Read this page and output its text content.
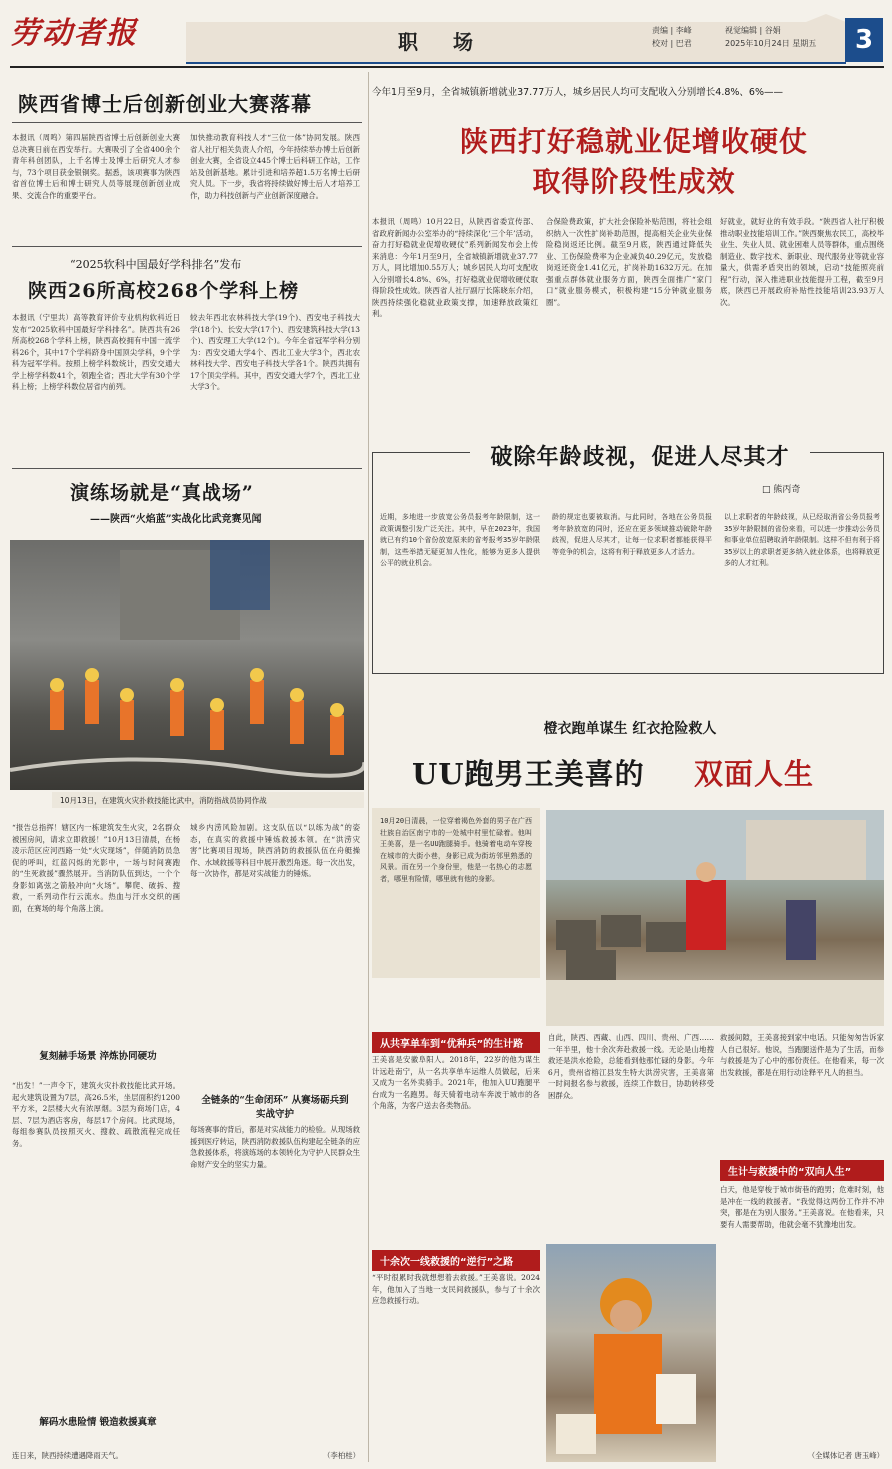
劳动者报	职 场	责编 | 李峰
校对 | 巴君
视觉编辑 | 谷娟
2025年10月24日 星期五	3
陕西省博士后创新创业大赛落幕
本报讯（周鸣）第四届陕西省博士后创新创业大赛总决赛日前在西安举行。大赛吸引了全省400余个青年科创团队，上千名博士及博士后研究人才参与，73个项目获金银铜奖。据悉，该项赛事为陕西省首位博士后和博士研究人员等展现创新创业成果、交流合作的重要平台。
加快推动教育科技人才“三位一体”协同发展。陕西省人社厅相关负责人介绍，今年持续举办博士后创新创业大赛，全省设立445个博士后科研工作站，工作站及创新基地。累计引进和培养超1.5万名博士后研究人员。下一步，我省将持续做好博士后人才培养工作，助力科技创新与产业创新深度融合。
“2025软科中国最好学科排名”发布
陕西26所高校268个学科上榜
本报讯（宁里共）高等教育评价专业机构软科近日发布“2025软科中国最好学科排名”。陕西共有26所高校268个学科上榜，陕西高校拥有中国一流学科26个，其中17个学科跻身中国顶尖学科，9个学科为冠军学科。按照上榜学科数统计，西安交通大学上榜学科数41个，领跑全省；西北大学有30个学科上榜；上榜学科数位居省内前列。
较去年西北农林科技大学(19个)、西安电子科技大学(18个)、长安大学(17个)、西安建筑科技大学(13个)、西安理工大学(12个)。今年全省冠军学科分别为：西安交通大学4个、西北工业大学3个，西北农林科技大学、西安电子科技大学各1个。陕西共拥有17个顶尖学科。其中，西安交通大学7个，西北工业大学3个。
演练场就是“真战场”
——陕西“火焰蓝”实战化比武竞赛见闻
10月13日，在建筑火灾扑救技能比武中，消防指战员协同作战
“报告总指挥！辖区内一栋建筑发生火灾，2名群众被困房间，请求立即救援！”10月13日清晨，在杨凌示范区应河西路一处“火灾现场”，伴随消防员急促的呼叫，红蓝闪烁的光影中，一场与时间赛跑的“生死救援”骤然展开。当消防队伍到达，一个个身影如离弦之箭般冲向“火场”。攀爬、破拆、搜救，一系列动作行云流水。热血与汗水交织的画面，在赛场的每个角落上演。
复刻赫手场景 淬炼协同硬功
“出发！”一声令下，建筑火灾扑救技能比武开场。起火建筑设置为7层，高26.5米，坐层面积约1200平方米，2层楼大火有浓厚烟。3层为商场门店，4层、7层为酒店客房，每层17个房间。比武现场，每组参赛队员按照灭火、搜救、疏散流程完成任务。
解码水患险情 锻造救援真章
连日来，陕西持续遭遇降雨天气。
城乡内涝风险加剧。这支队伍以“以练为战”的姿态，在真实的救援中锤炼救援本领。在“洪涝灾害”比赛项目现场，陕西消防的救援队伍在舟艇操作、水域救援等科目中展开激烈角逐。每一次出发，每一次协作，都是对实战能力的锤炼。
全链条的“生命闭环” 从赛场砺兵到实战守护
每场赛事的背后，都是对实战能力的检验。从现场救援到医疗转运，陕西消防救援队伍构建起全链条的应急救援体系，将演练场的本领转化为守护人民群众生命财产安全的坚实力量。
（李柏桂）
今年1月至9月，全省城镇新增就业37.77万人，城乡居民人均可支配收入分别增长4.8%、6%——
陕西打好稳就业促增收硬仗
取得阶段性成效
本报讯（周鸣）10月22日，从陕西省委宣传部、省政府新闻办公室举办的“持续深化‘三个年’活动，奋力打好稳就业促增收硬仗”系列新闻发布会上传来消息：今年1月至9月，全省城镇新增就业37.77万人，同比增加0.55万人；城乡居民人均可支配收入分别增长4.8%、6%，打好稳就业促增收硬仗取得阶段性成效。陕西省人社厅副厅长陈晓东介绍，陕西持续强化稳就业政策支撑，加速释放政策红利。
合保险费政策，扩大社会保险补贴范围，将社会组织纳入一次性扩岗补助范围，提高相关企业失业保险稳岗返还比例。截至9月底，陕西通过降低失业、工伤保险费率为企业减负40.29亿元，发放稳岗返还资金1.41亿元，扩岗补助1632万元。在加强重点群体就业服务方面，陕西全面推广“家门口”就业服务模式，积极构建“15分钟就业服务圈”。
好就业，就好业的有效手段。“陕西省人社厅积极推动职业技能培训工作。”陕西聚焦农民工，高校毕业生、失业人员、就业困难人员等群体，重点围绕制造业、数字技术、新职业、现代服务业等就业容量大，供需矛盾突出的领域，启动“技能照亮前程”行动，深入推进职业技能提升工程，截至9月底，陕西已开展政府补贴性技能培训23.93万人次。
破除年龄歧视，促进人尽其才
□ 熊丙奇
近期，多地进一步放宽公务员报考年龄限制，这一政策调整引发广泛关注。其中，早在2023年，我国就已有约10个省份放宽原来的省考报考35岁年龄限制，这些举措无疑更加人性化，能够为更多人提供公平的就业机会。
龄的规定也要被取消。与此同时，各地在公务员报考年龄放宽的同时，还应在更多领域推动破除年龄歧视，促进人尽其才，让每一位求职者都能获得平等竞争的机会，这将有利于释放更多人才活力。
以上求职者的年龄歧视，从已经取消省公务员报考35岁年龄限制的省份来看，可以进一步推动公务员和事业单位招聘取消年龄限制。这样不但有利于将35岁以上的求职者更多纳入就业体系，也将释放更多的人才红利。
橙衣跑单谋生 红衣抢险救人
UU跑男王美喜的	双面人生
10月20日清晨，一位穿着褐色外套的男子在广西壮族自治区南宁市的一处城中村里忙碌着。他叫王美喜，是一名UU跑腿骑手。他骑着电动车穿梭在城市的大街小巷，身影已成为街坊邻里熟悉的风景。而在另一个身份里，他是一名热心的志愿者，哪里有险情，哪里就有他的身影。
从共享单车到“优种兵”的生计路
王美喜是安徽阜阳人。2018年，22岁的他为谋生计远赴南宁，从一名共享单车运维人员做起，后来又成为一名外卖骑手。2021年，他加入UU跑腿平台成为一名跑男。每天骑着电动车奔波于城市的各个角落，为客户送去各类物品。
十余次一线救援的“逆行”之路
“平时很累时我就想想着去救援。”王美喜说。2024年，他加入了当地一支民间救援队，参与了十余次应急救援行动。
自此，陕西、西藏、山西、四川、贵州、广西……一年半里，他十余次奔赴救援一线。无论是山地搜救还是洪水抢险，总能看到他那忙碌的身影。今年6月，贵州省榕江县发生特大洪涝灾害，王美喜第一时间报名参与救援，连续工作数日，协助转移受困群众。
救援间隙，王美喜接到家中电话。只能匆匆告诉家人自己很好。他说，当跑腿送件是为了生活，而参与救援是为了心中的那份责任。在他看来，每一次出发救援，都是在用行动诠释平凡人的担当。
生计与救援中的“双向人生”
白天，他是穿梭于城市街巷的跑男；危难时刻，他是冲在一线的救援者。“我觉得这两份工作并不冲突，都是在为别人服务。”王美喜说。在他看来，只要有人需要帮助，他就会毫不犹豫地出发。
（全媒体记者 唐玉峰）
